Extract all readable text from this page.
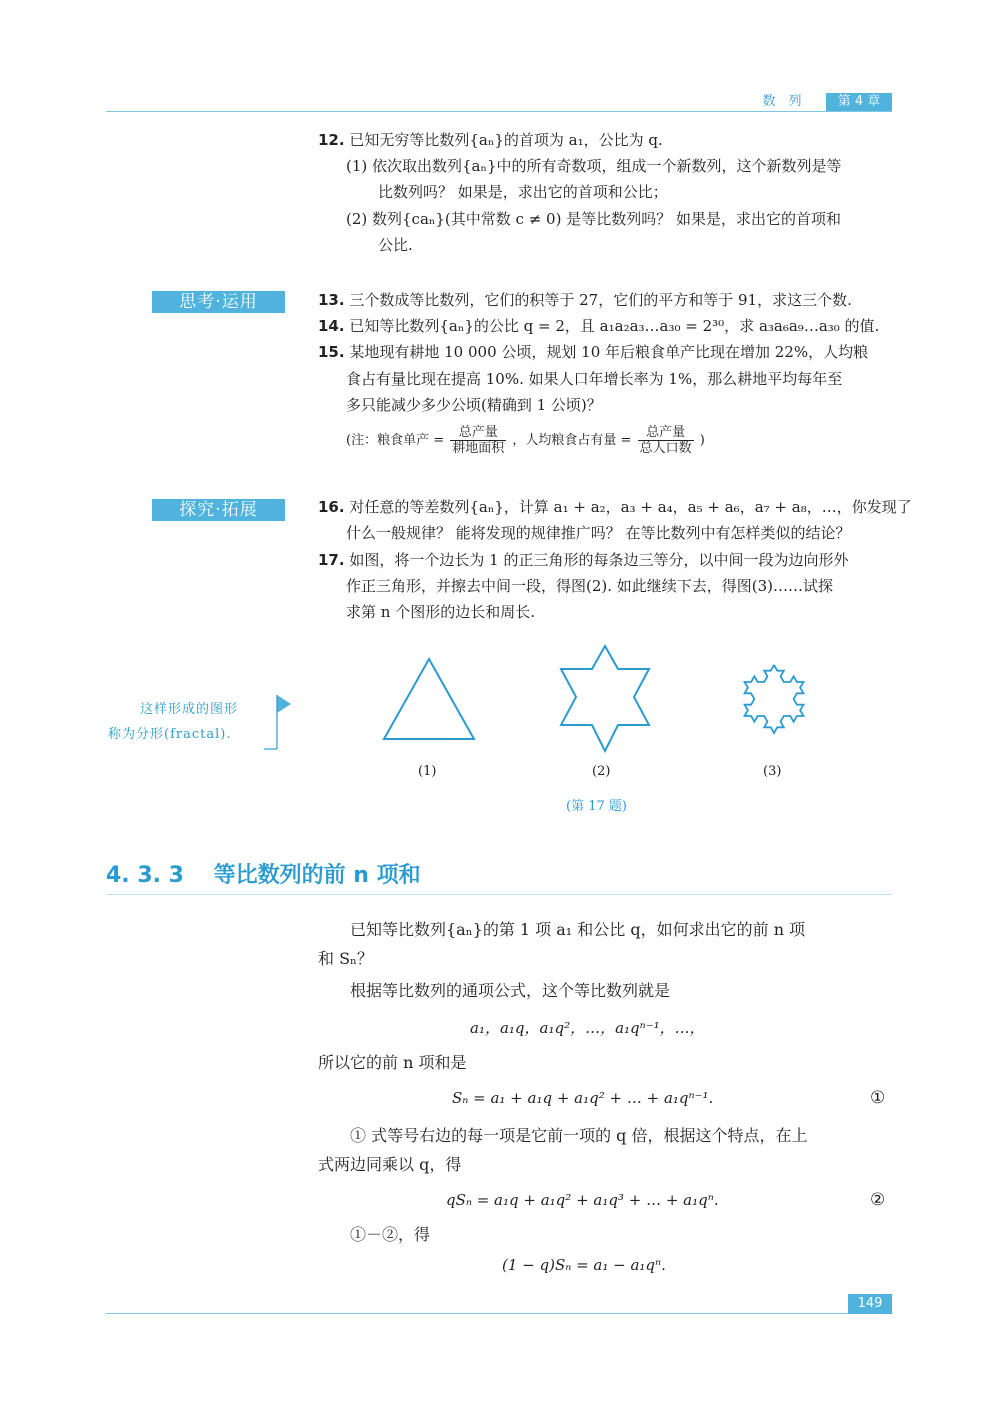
数　列	第 4 章
12. 已知无穷等比数列{aₙ}的首项为 a₁，公比为 q.
(1) 依次取出数列{aₙ}中的所有奇数项，组成一个新数列，这个新数列是等
比数列吗？ 如果是，求出它的首项和公比；
(2) 数列{caₙ}(其中常数 c ≠ 0) 是等比数列吗？ 如果是，求出它的首项和
公比.
思考·运用	13. 三个数成等比数列，它们的积等于 27，它们的平方和等于 91，求这三个数.
14. 已知等比数列{aₙ}的公比 q = 2，且 a₁a₂a₃…a₃₀ = 2³⁰，求 a₃a₆a₉…a₃₀ 的值.
15. 某地现有耕地 10 000 公顷，规划 10 年后粮食单产比现在增加 22%，人均粮
食占有量比现在提高 10%. 如果人口年增长率为 1%，那么耕地平均每年至
多只能减少多少公顷(精确到 1 公顷)？
(注：粮食单产 = $\frac{\text{总产量}}{\text{耕地面积}}$ ，人均粮食占有量 = $\frac{\text{总产量}}{\text{总人口数}}$ )
探究·拓展	16. 对任意的等差数列{aₙ}，计算 a₁ + a₂，a₃ + a₄，a₅ + a₆，a₇ + a₈，…，你发现了
什么一般规律？ 能将发现的规律推广吗？ 在等比数列中有怎样类似的结论？
17. 如图，将一个边长为 1 的正三角形的每条边三等分，以中间一段为边向形外
作正三角形，并擦去中间一段，得图(2). 如此继续下去，得图(3)……试探
求第 n 个图形的边长和周长.
这样形成的图形
称为分形(fractal).
(1)	(2)	(3)
(第 17 题)
4. 3. 3 等比数列的前 n 项和
已知等比数列{aₙ}的第 1 项 a₁ 和公比 q，如何求出它的前 n 项
和 Sₙ？
根据等比数列的通项公式，这个等比数列就是
a₁，a₁q，a₁q²，…，a₁qⁿ⁻¹，…，
所以它的前 n 项和是
Sₙ = a₁ + a₁q + a₁q² + … + a₁qⁿ⁻¹.	①
① 式等号右边的每一项是它前一项的 q 倍，根据这个特点，在上
式两边同乘以 q，得
qSₙ = a₁q + a₁q² + a₁q³ + … + a₁qⁿ.	②
①－②，得
(1 − q)Sₙ = a₁ − a₁qⁿ.
149
